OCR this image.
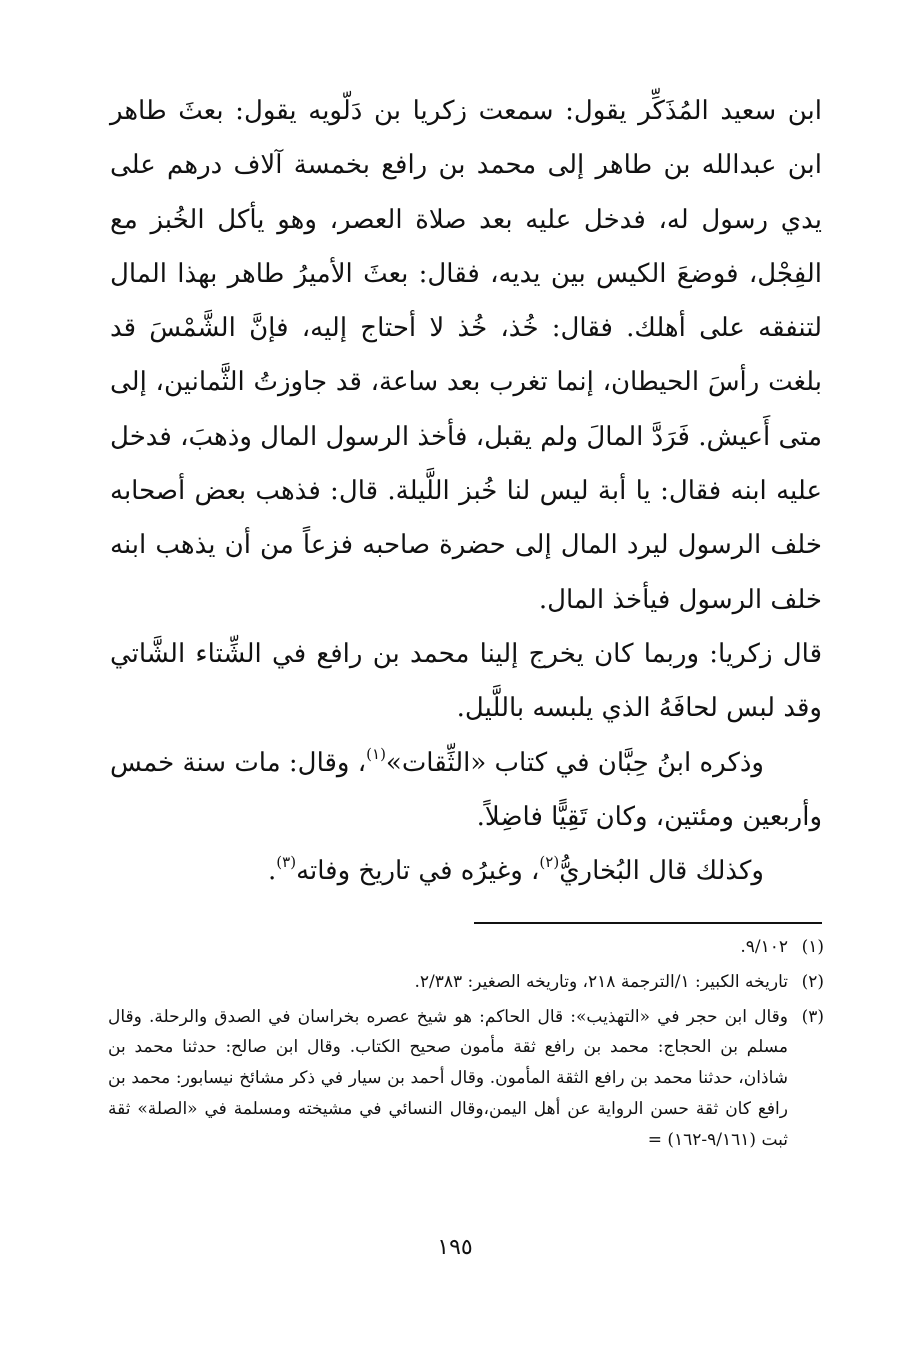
ابن سعيد المُذَكِّر يقول: سمعت زكريا بن دَلّويه يقول: بعثَ طاهر ابن عبدالله بن طاهر إلى محمد بن رافع بخمسة آلاف درهم على يدي رسول له، فدخل عليه بعد صلاة العصر، وهو يأكل الخُبز مع الفِجْل، فوضعَ الكيس بين يديه، فقال: بعثَ الأميرُ طاهر بهذا المال لتنفقه على أهلك. فقال: خُذ، خُذ لا أحتاج إليه، فإنَّ الشَّمْسَ قد بلغت رأسَ الحيطان، إنما تغرب بعد ساعة، قد جاوزتُ الثَّمانين، إلى متى أَعيش. فَرَدَّ المالَ ولم يقبل، فأخذ الرسول المال وذهبَ، فدخل عليه ابنه فقال: يا أبة ليس لنا خُبز اللَّيلة. قال: فذهب بعض أصحابه خلف الرسول ليرد المال إلى حضرة صاحبه فزعاً من أن يذهب ابنه خلف الرسول فيأخذ المال.

قال زكريا: وربما كان يخرج إلينا محمد بن رافع في الشِّتاء الشَّاتي وقد لبس لحافَهُ الذي يلبسه باللَّيل.

وذكره ابنُ حِبَّان في كتاب «الثِّقات»$^{(١)}$، وقال: مات سنة خمس وأربعين ومئتين، وكان تَقِيًّا فاضِلاً.

وكذلك قال البُخاريُّ$^{(٢)}$، وغيرُه في تاريخ وفاته$^{(٣)}$.

(١)
٩/١٠٢.
(٢)
تاريخه الكبير: ١/الترجمة ٢١٨، وتاريخه الصغير: ٢/٣٨٣.
(٣)
وقال ابن حجر في «التهذيب»: قال الحاكم: هو شيخ عصره بخراسان في الصدق والرحلة. وقال مسلم بن الحجاج: محمد بن رافع ثقة مأمون صحيح الكتاب. وقال ابن صالح: حدثنا محمد بن شاذان، حدثنا محمد بن رافع الثقة المأمون. وقال أحمد بن سيار في ذكر مشائخ نيسابور: محمد بن رافع كان ثقة حسن الرواية عن أهل اليمن،وقال النسائي في مشيخته ومسلمة في «الصلة» ثقة ثبت (٩/١٦١-١٦٢) =
١٩٥
